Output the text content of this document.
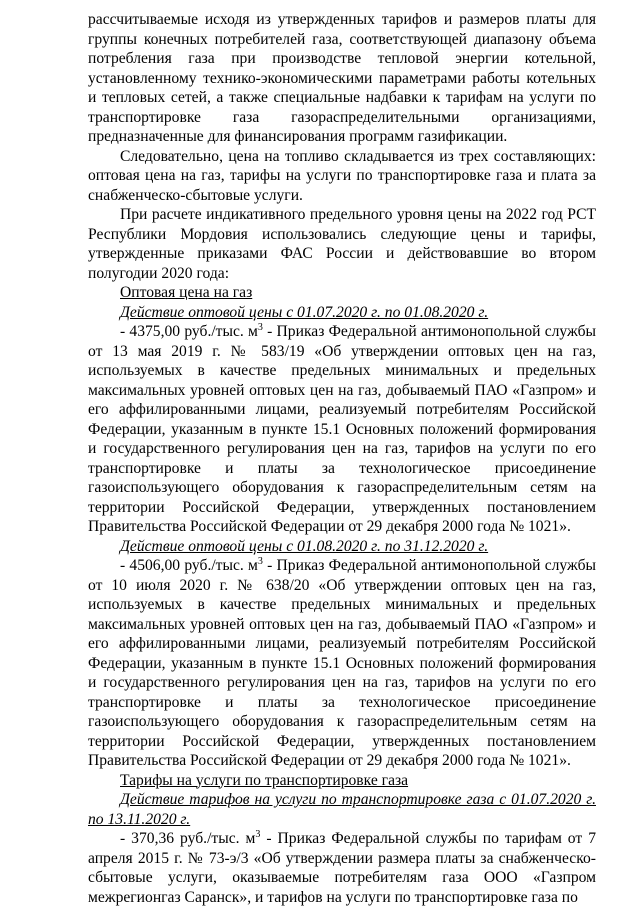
рассчитываемые исходя из утвержденных тарифов и размеров платы для группы конечных потребителей газа, соответствующей диапазону объема потребления газа при производстве тепловой энергии котельной, установленному технико-экономическими параметрами работы котельных и тепловых сетей, а также специальные надбавки к тарифам на услуги по транспортировке газа газораспределительными организациями, предназначенные для финансирования программ газификации.

Следовательно, цена на топливо складывается из трех составляющих: оптовая цена на газ, тарифы на услуги по транспортировке газа и плата за снабженческо-сбытовые услуги.

При расчете индикативного предельного уровня цены на 2022 год РСТ Республики Мордовия использовались следующие цены и тарифы, утвержденные приказами ФАС России и действовавшие во втором полугодии 2020 года:

Оптовая цена на газ

Действие оптовой цены с 01.07.2020 г. по 01.08.2020 г.

- 4375,00 руб./тыс. $м^3$ - Приказ Федеральной антимонопольной службы от 13 мая 2019 г. № 583/19 «Об утверждении оптовых цен на газ, используемых в качестве предельных минимальных и предельных максимальных уровней оптовых цен на газ, добываемый ПАО «Газпром» и его аффилированными лицами, реализуемый потребителям Российской Федерации, указанным в пункте 15.1 Основных положений формирования и государственного регулирования цен на газ, тарифов на услуги по его транспортировке и платы за технологическое присоединение газоиспользующего оборудования к газораспределительным сетям на территории Российской Федерации, утвержденных постановлением Правительства Российской Федерации от 29 декабря 2000 года № 1021».

Действие оптовой цены с 01.08.2020 г. по 31.12.2020 г.

- 4506,00 руб./тыс. $м^3$ - Приказ Федеральной антимонопольной службы от 10 июля 2020 г. № 638/20 «Об утверждении оптовых цен на газ, используемых в качестве предельных минимальных и предельных максимальных уровней оптовых цен на газ, добываемый ПАО «Газпром» и его аффилированными лицами, реализуемый потребителям Российской Федерации, указанным в пункте 15.1 Основных положений формирования и государственного регулирования цен на газ, тарифов на услуги по его транспортировке и платы за технологическое присоединение газоиспользующего оборудования к газораспределительным сетям на территории Российской Федерации, утвержденных постановлением Правительства Российской Федерации от 29 декабря 2000 года № 1021».

Тарифы на услуги по транспортировке газа

Действие тарифов на услуги по транспортировке газа с 01.07.2020 г. по 13.11.2020 г.

- 370,36 руб./тыс. $м^3$ - Приказ Федеральной службы по тарифам от 7 апреля 2015 г. № 73-э/3 «Об утверждении размера платы за снабженческо-сбытовые услуги, оказываемые потребителям газа ООО «Газпром межрегионгаз Саранск», и тарифов на услуги по транспортировке газа по
